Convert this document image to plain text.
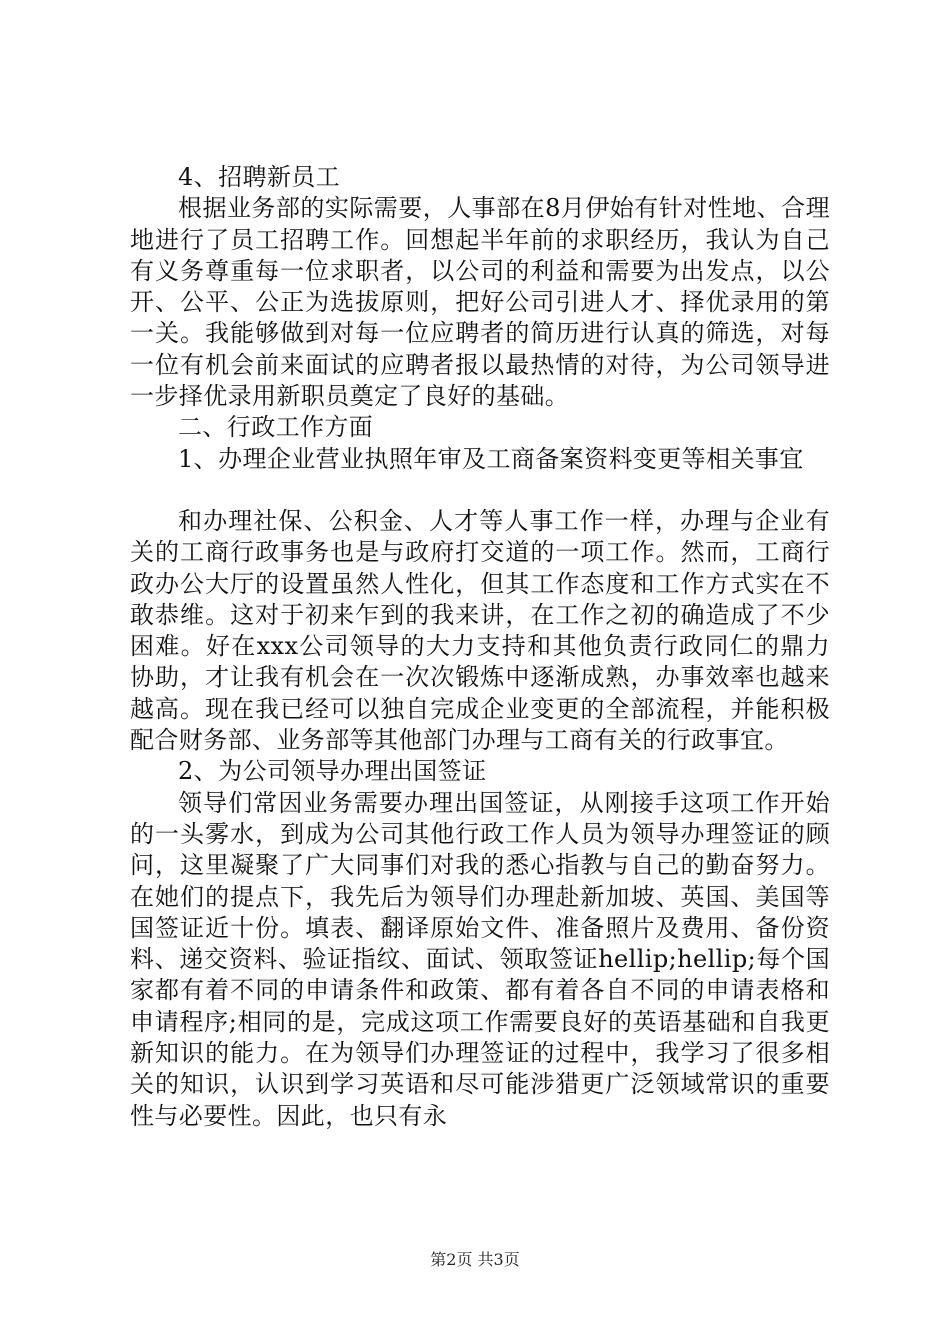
4、招聘新员工

根据业务部的实际需要，人事部在8月伊始有针对性地、合理地进行了员工招聘工作。回想起半年前的求职经历，我认为自己有义务尊重每一位求职者，以公司的利益和需要为出发点，以公开、公平、公正为选拔原则，把好公司引进人才、择优录用的第一关。我能够做到对每一位应聘者的简历进行认真的筛选，对每一位有机会前来面试的应聘者报以最热情的对待，为公司领导进一步择优录用新职员奠定了良好的基础。

二、行政工作方面

1、办理企业营业执照年审及工商备案资料变更等相关事宜

和办理社保、公积金、人才等人事工作一样，办理与企业有关的工商行政事务也是与政府打交道的一项工作。然而，工商行政办公大厅的设置虽然人性化，但其工作态度和工作方式实在不敢恭维。这对于初来乍到的我来讲，在工作之初的确造成了不少困难。好在xxx公司领导的大力支持和其他负责行政同仁的鼎力协助，才让我有机会在一次次锻炼中逐渐成熟，办事效率也越来越高。现在我已经可以独自完成企业变更的全部流程，并能积极配合财务部、业务部等其他部门办理与工商有关的行政事宜。

2、为公司领导办理出国签证

领导们常因业务需要办理出国签证，从刚接手这项工作开始的一头雾水，到成为公司其他行政工作人员为领导办理签证的顾问，这里凝聚了广大同事们对我的悉心指教与自己的勤奋努力。在她们的提点下，我先后为领导们办理赴新加坡、英国、美国等国签证近十份。填表、翻译原始文件、准备照片及费用、备份资料、递交资料、验证指纹、面试、领取签证hellip;hellip;每个国家都有着不同的申请条件和政策、都有着各自不同的申请表格和申请程序;相同的是，完成这项工作需要良好的英语基础和自我更新知识的能力。在为领导们办理签证的过程中，我学习了很多相关的知识，认识到学习英语和尽可能涉猎更广泛领域常识的重要性与必要性。因此，也只有永

第2页 共3页
